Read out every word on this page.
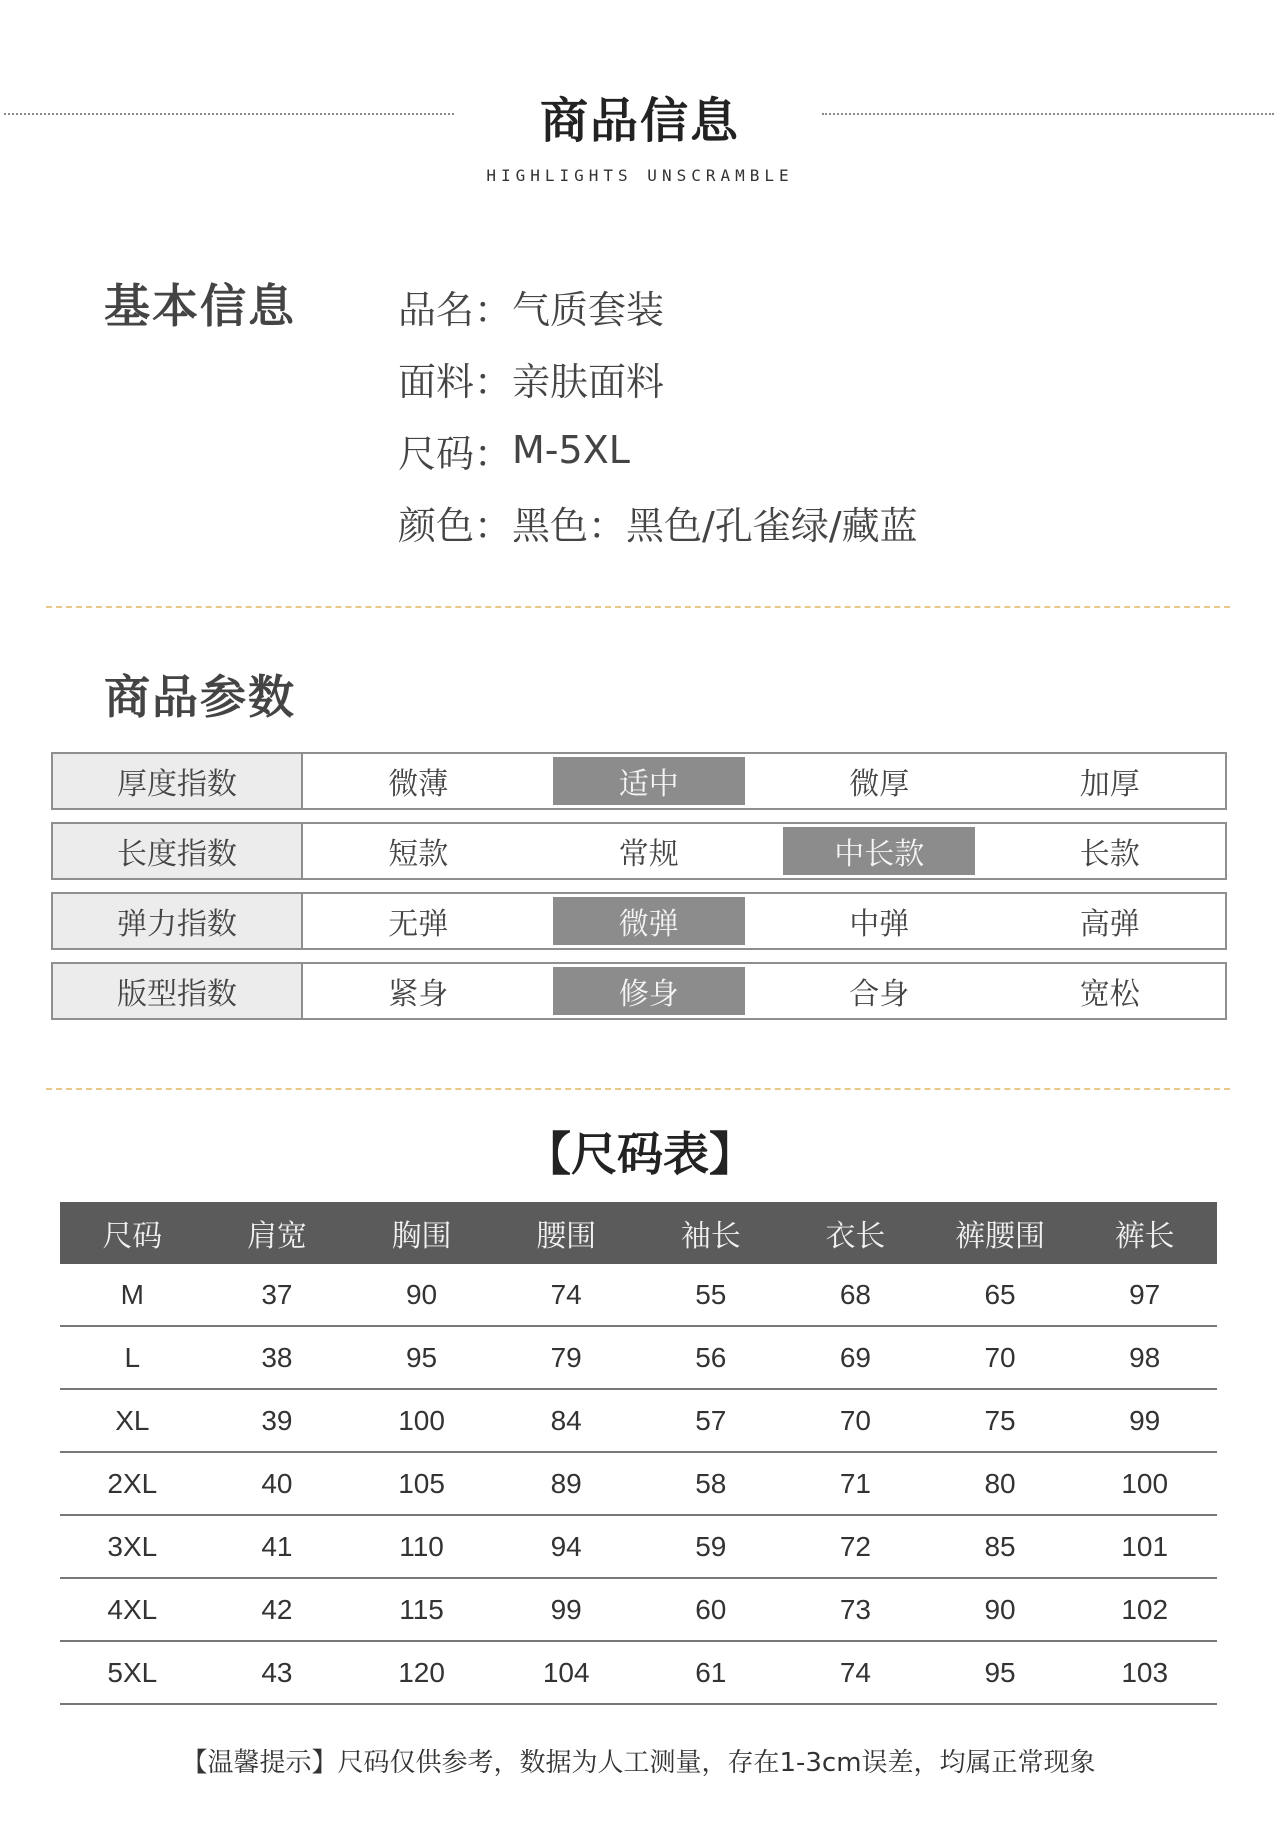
商品信息
HIGHLIGHTS UNSCRAMBLE
基本信息	品名： 气质套装
面料： 亲肤面料
尺码： M-5XL
颜色： 黑色：黑色/孔雀绿/藏蓝
商品参数
厚度指数	微薄	适中	微厚	加厚
长度指数	短款	常规	中长款	长款
弹力指数	无弹	微弹	中弹	高弹
版型指数	紧身	修身	合身	宽松
【尺码表】
尺码	肩宽	胸围	腰围	袖长	衣长	裤腰围	裤长
M	37	90	74	55	68	65	97
L	38	95	79	56	69	70	98
XL	39	100	84	57	70	75	99
2XL	40	105	89	58	71	80	100
3XL	41	110	94	59	72	85	101
4XL	42	115	99	60	73	90	102
5XL	43	120	104	61	74	95	103
【温馨提示】尺码仅供参考，数据为人工测量，存在1-3cm误差，均属正常现象
